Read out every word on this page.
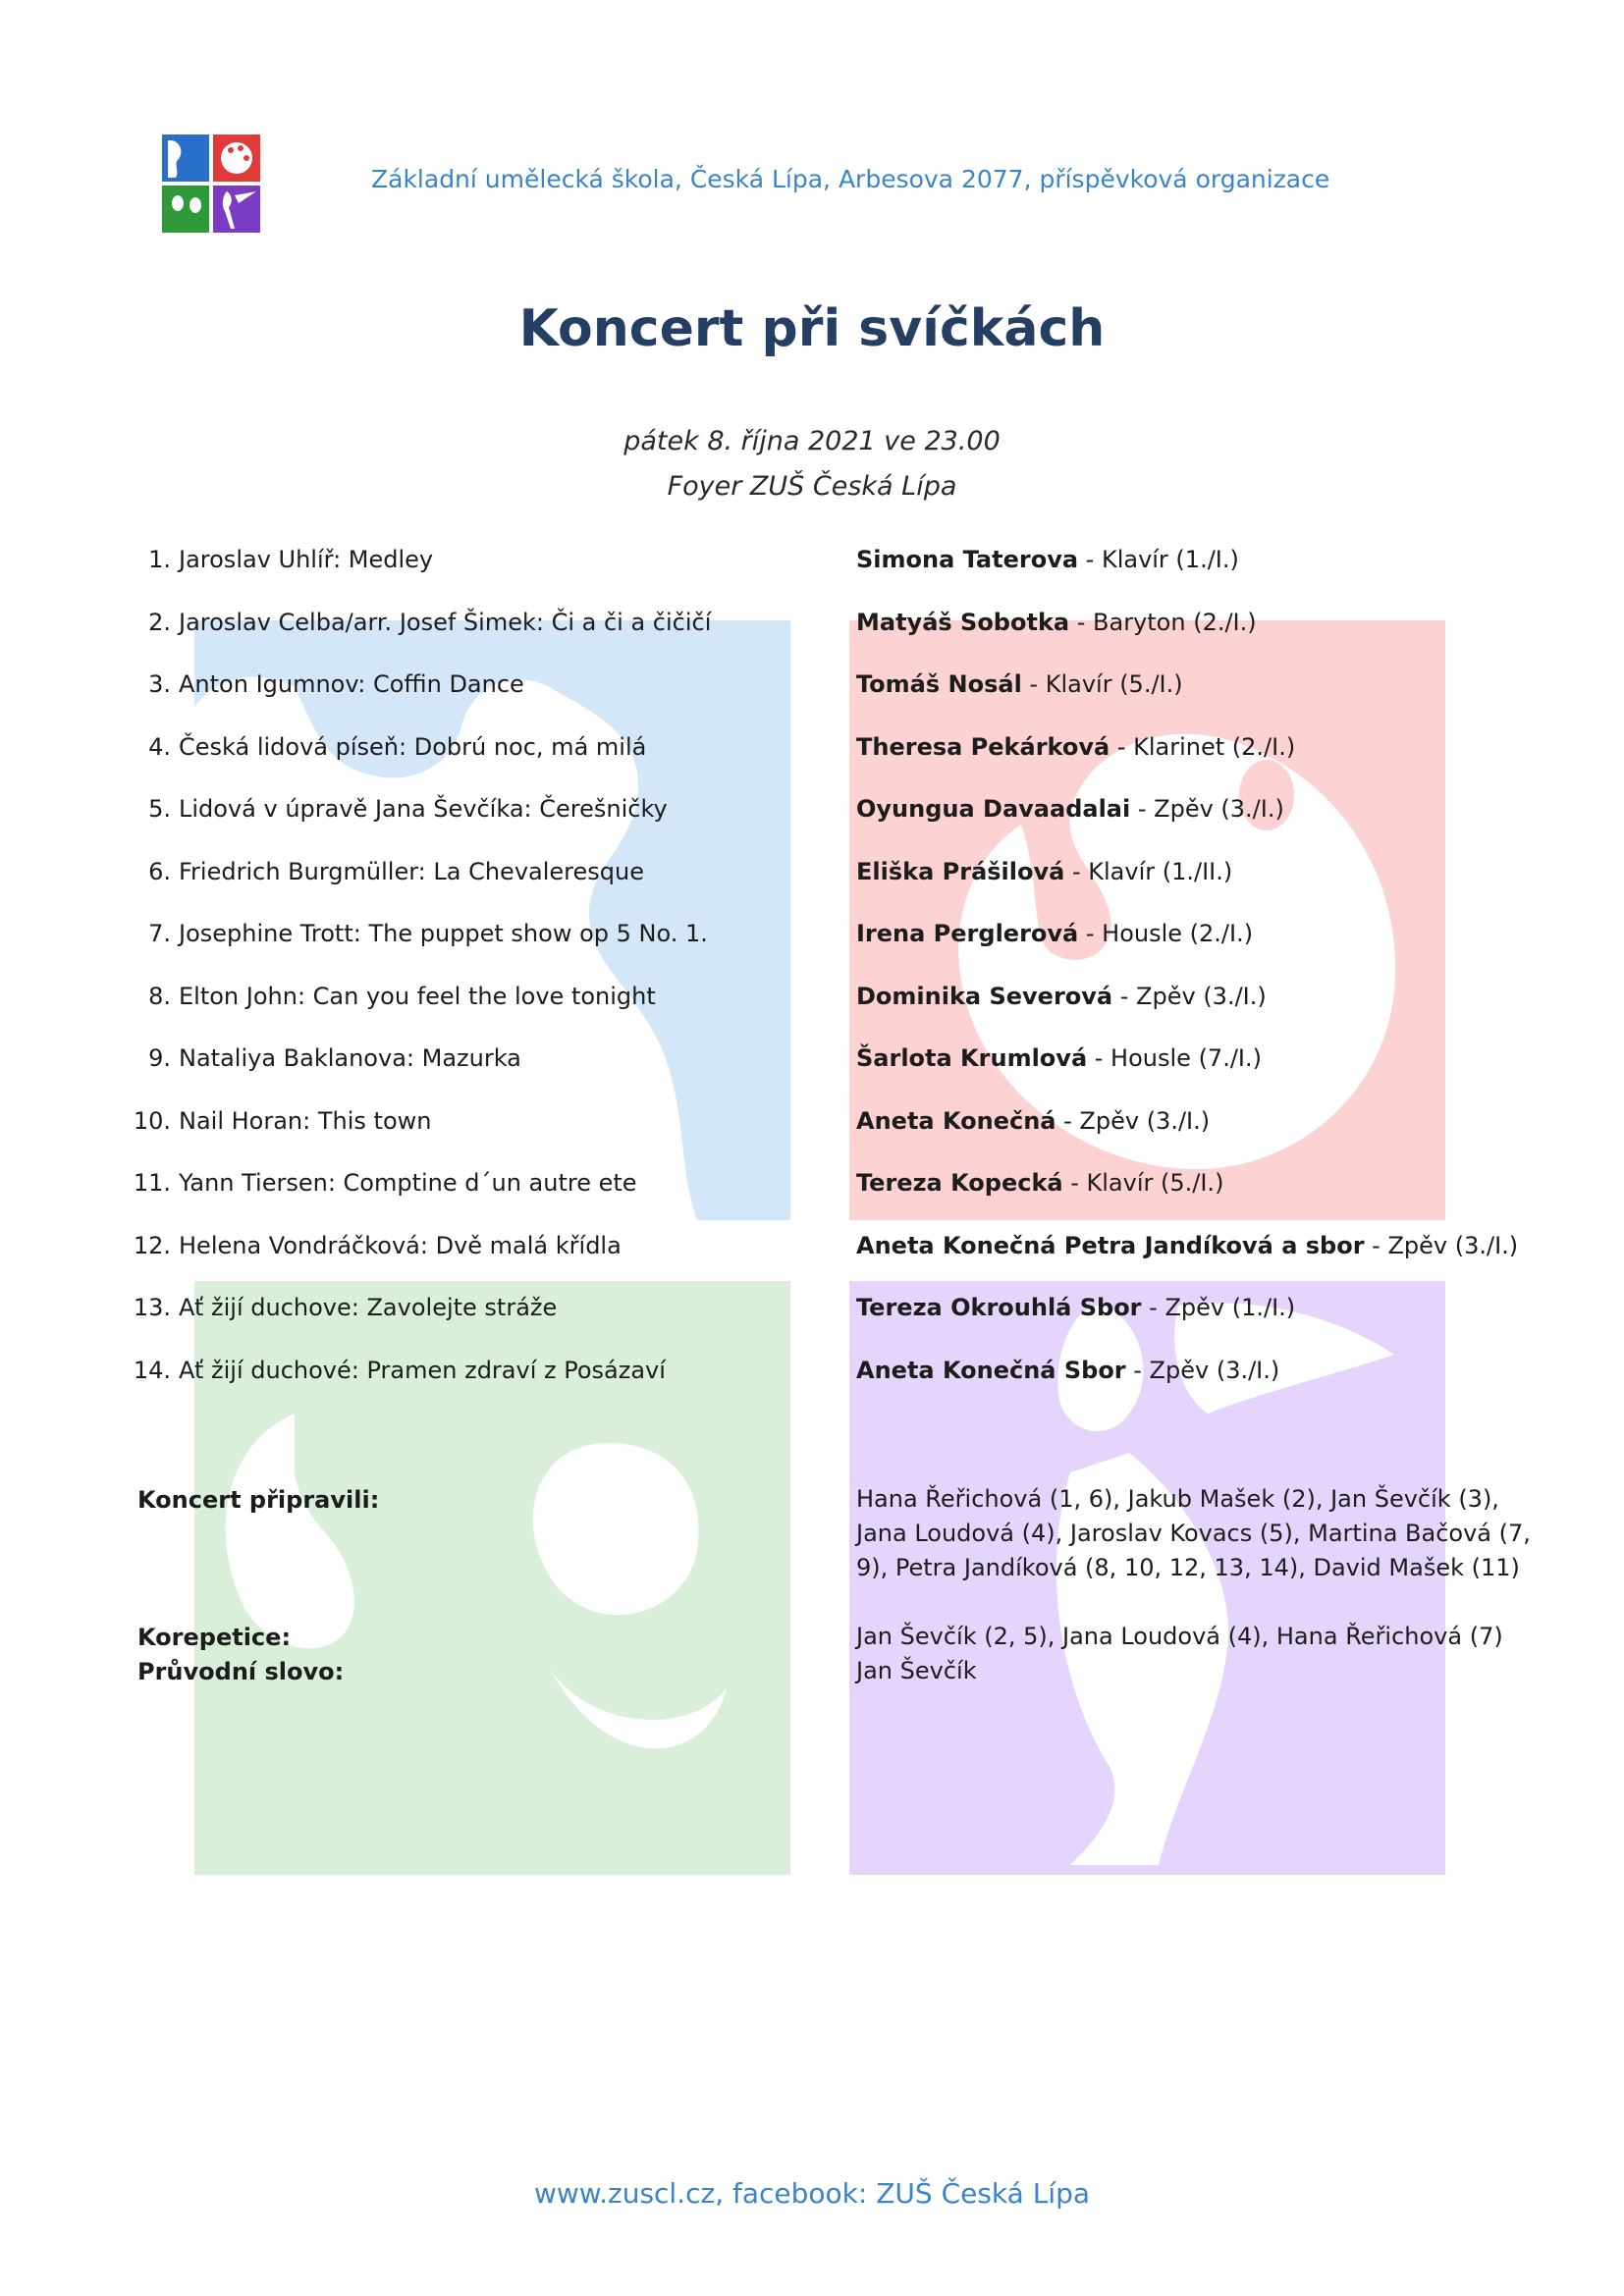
Základní umělecká škola, Česká Lípa, Arbesova 2077, příspěvková organizace
Koncert při svíčkách
pátek 8. října 2021 ve 23.00
Foyer ZUŠ Česká Lípa
1. Jaroslav Uhlíř: Medley	Simona Taterova - Klavír (1./I.)
2. Jaroslav Celba/arr. Josef Šimek: Či a či a čičičí	Matyáš Sobotka - Baryton (2./I.)
3. Anton Igumnov: Coffin Dance	Tomáš Nosál - Klavír (5./I.)
4. Česká lidová píseň: Dobrú noc, má milá	Theresa Pekárková - Klarinet (2./I.)
5. Lidová v úpravě Jana Ševčíka: Čerešničky	Oyungua Davaadalai - Zpěv (3./I.)
6. Friedrich Burgmüller: La Chevaleresque	Eliška Prášilová - Klavír (1./II.)
7. Josephine Trott: The puppet show op 5 No. 1.	Irena Perglerová - Housle (2./I.)
8. Elton John: Can you feel the love tonight	Dominika Severová - Zpěv (3./I.)
9. Nataliya Baklanova: Mazurka	Šarlota Krumlová - Housle (7./I.)
10. Nail Horan: This town	Aneta Konečná - Zpěv (3./I.)
11. Yann Tiersen: Comptine d´un autre ete	Tereza Kopecká - Klavír (5./I.)
12. Helena Vondráčková: Dvě malá křídla	Aneta Konečná Petra Jandíková a sbor - Zpěv (3./I.)
13. Ať žijí duchove: Zavolejte stráže	Tereza Okrouhlá Sbor - Zpěv (1./I.)
14. Ať žijí duchové: Pramen zdraví z Posázaví	Aneta Konečná Sbor - Zpěv (3./I.)
Koncert připravili:	Hana Řeřichová (1, 6), Jakub Mašek (2), Jan Ševčík (3), Jana Loudová (4), Jaroslav Kovacs (5), Martina Bačová (7, 9), Petra Jandíková (8, 10, 12, 13, 14), David Mašek (11)
Korepetice:	Jan Ševčík (2, 5), Jana Loudová (4), Hana Řeřichová (7)
Průvodní slovo:	Jan Ševčík
www.zuscl.cz, facebook: ZUŠ Česká Lípa
